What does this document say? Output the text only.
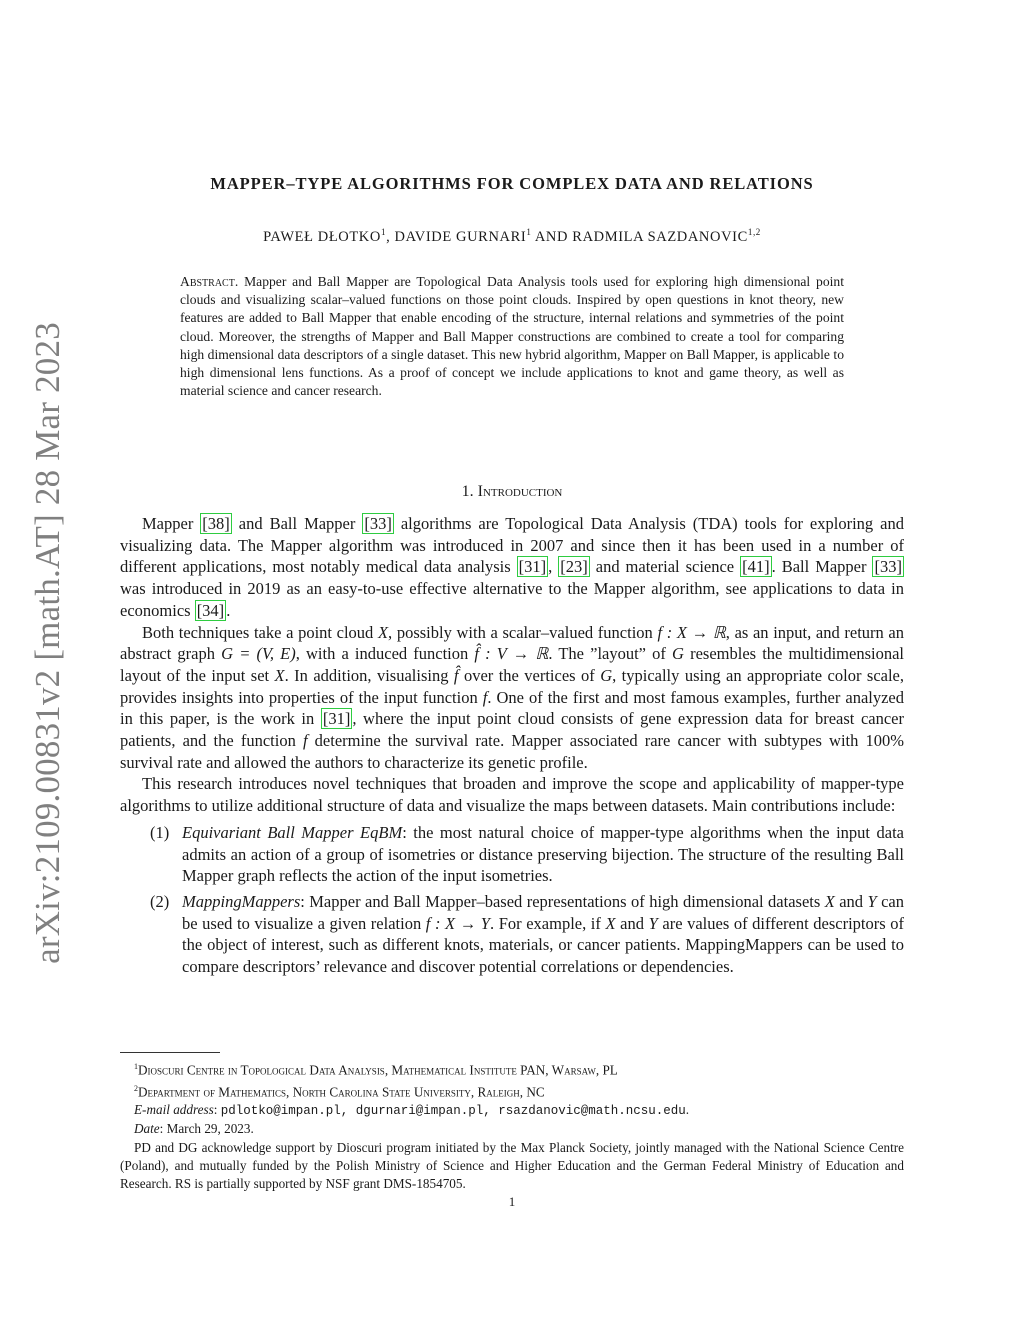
arXiv:2109.00831v2 [math.AT] 28 Mar 2023
MAPPER–TYPE ALGORITHMS FOR COMPLEX DATA AND RELATIONS
PAWEŁ DŁOTKO$^1$, DAVIDE GURNARI$^1$ AND RADMILA SAZDANOVIC$^{1,2}$
Abstract. Mapper and Ball Mapper are Topological Data Analysis tools used for exploring high dimensional point clouds and visualizing scalar–valued functions on those point clouds. Inspired by open questions in knot theory, new features are added to Ball Mapper that enable encoding of the structure, internal relations and symmetries of the point cloud. Moreover, the strengths of Mapper and Ball Mapper constructions are combined to create a tool for comparing high dimensional data descriptors of a single dataset. This new hybrid algorithm, Mapper on Ball Mapper, is applicable to high dimensional lens functions. As a proof of concept we include applications to knot and game theory, as well as material science and cancer research.
1. Introduction

Mapper [38] and Ball Mapper [33] algorithms are Topological Data Analysis (TDA) tools for exploring and visualizing data. The Mapper algorithm was introduced in 2007 and since then it has been used in a number of different applications, most notably medical data analysis [31] , [23] and material science [41] . Ball Mapper [33] was introduced in 2019 as an easy-to-use effective alternative to the Mapper algorithm, see applications to data in economics [34] .

Both techniques take a point cloud X, possibly with a scalar–valued function f : X → ℝ, as an input, and return an abstract graph G = (V, E), with a induced function f̂ : V → ℝ. The ”layout” of G resembles the multidimensional layout of the input set X. In addition, visualising f̂ over the vertices of G, typically using an appropriate color scale, provides insights into properties of the input function f. One of the first and most famous examples, further analyzed in this paper, is the work in [31] , where the input point cloud consists of gene expression data for breast cancer patients, and the function f determine the survival rate. Mapper associated rare cancer with subtypes with 100% survival rate and allowed the authors to characterize its genetic profile.

This research introduces novel techniques that broaden and improve the scope and applicability of mapper-type algorithms to utilize additional structure of data and visualize the maps between datasets. Main contributions include:

(1) Equivariant Ball Mapper EqBM: the most natural choice of mapper-type algorithms when the input data admits an action of a group of isometries or distance preserving bijection. The structure of the resulting Ball Mapper graph reflects the action of the input isometries.
(2) MappingMappers: Mapper and Ball Mapper–based representations of high dimensional datasets X and Y can be used to visualize a given relation f : X → Y. For example, if X and Y are values of different descriptors of the object of interest, such as different knots, materials, or cancer patients. MappingMappers can be used to compare descriptors’ relevance and discover potential correlations or dependencies.
$^1$Dioscuri Centre in Topological Data Analysis, Mathematical Institute PAN, Warsaw, PL
$^2$Department of Mathematics, North Carolina State University, Raleigh, NC
E-mail address: pdlotko@impan.pl, dgurnari@impan.pl, rsazdanovic@math.ncsu.edu.
Date: March 29, 2023.
PD and DG acknowledge support by Dioscuri program initiated by the Max Planck Society, jointly managed with the National Science Centre (Poland), and mutually funded by the Polish Ministry of Science and Higher Education and the German Federal Ministry of Education and Research. RS is partially supported by NSF grant DMS-1854705.
1
